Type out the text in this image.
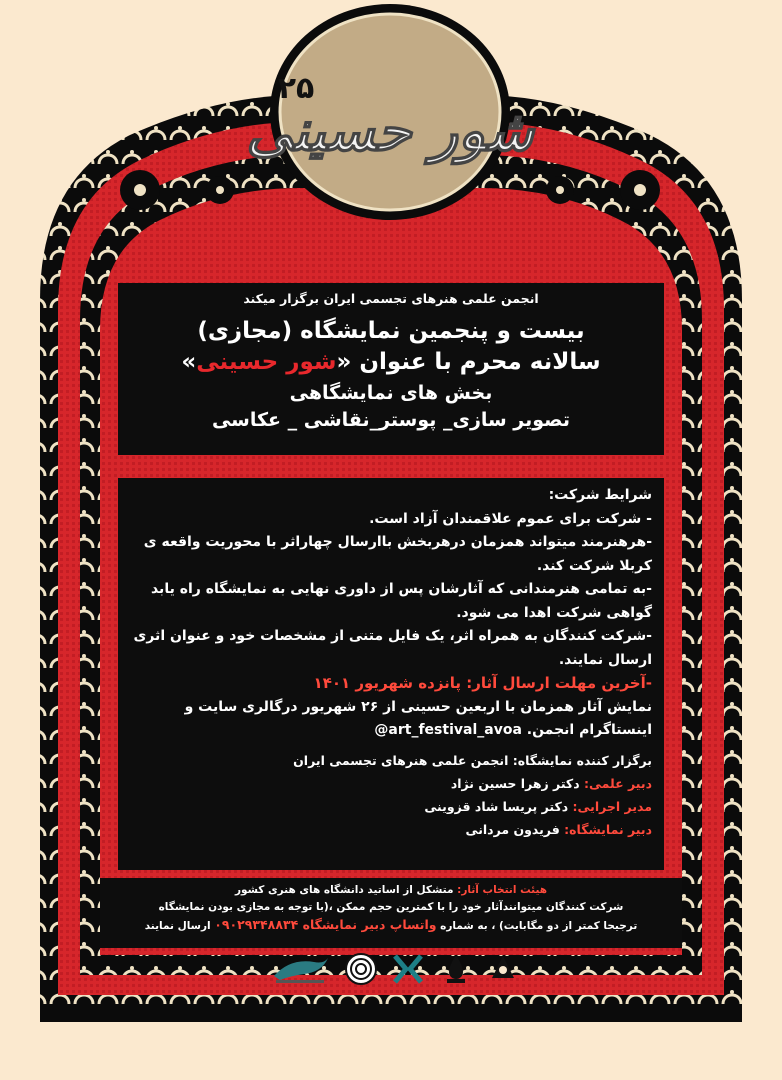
شور حسینی
۲۵
انجمن علمی هنرهای تجسمی ایران برگزار میکند
بیست و پنجمین نمایشگاه (مجازی)
سالانه محرم با عنوان «شور حسینی»
بخش های نمایشگاهی
تصویر سازی_ پوستر_نقاشی _ عکاسی

شرایط شرکت:

- شرکت برای عموم علاقمندان آزاد است.

-هرهنرمند میتواند همزمان درهربخش باارسال چهاراثر با محوریت واقعه ی کربلا شرکت کند.

-به تمامی هنرمندانی که آثارشان پس از داوری نهایی به نمایشگاه راه یابد گواهی شرکت اهدا می شود.

-شرکت کنندگان به همراه اثر، یک فایل متنی از مشخصات خود و عنوان اثری ارسال نمایند.

-آخرین مهلت ارسال آثار: پانزده شهریور ۱۴۰۱

نمایش آثار همزمان با اربعین حسینی از ۲۶ شهریور درگالری سایت و اینستاگرام انجمن. @art_festival_avoa

برگزار کننده نمایشگاه: انجمن علمی هنرهای تجسمی ایران

دبیر علمی: دکتر زهرا حسین نژاد

مدیر اجرایی: دکتر پریسا شاد قزوینی

دبیر نمایشگاه: فریدون مردانی

هیئت انتخاب آثار: متشکل از اساتید دانشگاه های هنری کشور
شرکت کنندگان میتوانندآثار خود را با کمترین حجم ممکن ،(با توجه به مجازی بودن نمایشگاه
ترجیحا کمتر از دو مگابایت) ، به شماره واتساپ دبیر نمایشگاه ۰۹۰۲۹۳۴۸۸۳۴ ارسال نمایند
